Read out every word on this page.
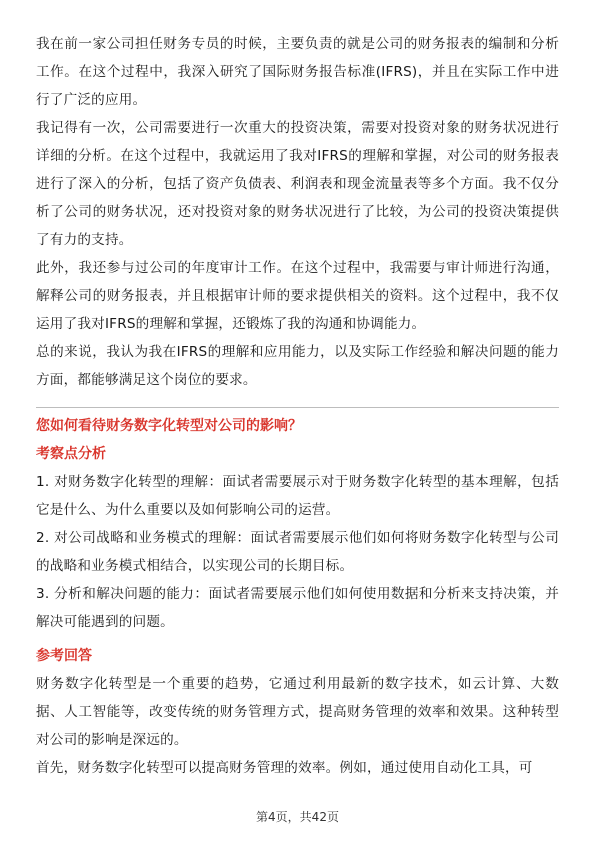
我在前一家公司担任财务专员的时候，主要负责的就是公司的财务报表的编制和分析工作。在这个过程中，我深入研究了国际财务报告标准(IFRS)，并且在实际工作中进行了广泛的应用。

我记得有一次，公司需要进行一次重大的投资决策，需要对投资对象的财务状况进行详细的分析。在这个过程中，我就运用了我对IFRS的理解和掌握，对公司的财务报表进行了深入的分析，包括了资产负债表、利润表和现金流量表等多个方面。我不仅分析了公司的财务状况，还对投资对象的财务状况进行了比较，为公司的投资决策提供了有力的支持。

此外，我还参与过公司的年度审计工作。在这个过程中，我需要与审计师进行沟通，解释公司的财务报表，并且根据审计师的要求提供相关的资料。这个过程中，我不仅运用了我对IFRS的理解和掌握，还锻炼了我的沟通和协调能力。

总的来说，我认为我在IFRS的理解和应用能力，以及实际工作经验和解决问题的能力方面，都能够满足这个岗位的要求。

您如何看待财务数字化转型对公司的影响？

考察点分析

1. 对财务数字化转型的理解：面试者需要展示对于财务数字化转型的基本理解，包括它是什么、为什么重要以及如何影响公司的运营。

2. 对公司战略和业务模式的理解：面试者需要展示他们如何将财务数字化转型与公司的战略和业务模式相结合，以实现公司的长期目标。

3. 分析和解决问题的能力：面试者需要展示他们如何使用数据和分析来支持决策，并解决可能遇到的问题。

参考回答

财务数字化转型是一个重要的趋势，它通过利用最新的数字技术，如云计算、大数据、人工智能等，改变传统的财务管理方式，提高财务管理的效率和效果。这种转型对公司的影响是深远的。

首先，财务数字化转型可以提高财务管理的效率。例如，通过使用自动化工具，可

第4页，共42页
